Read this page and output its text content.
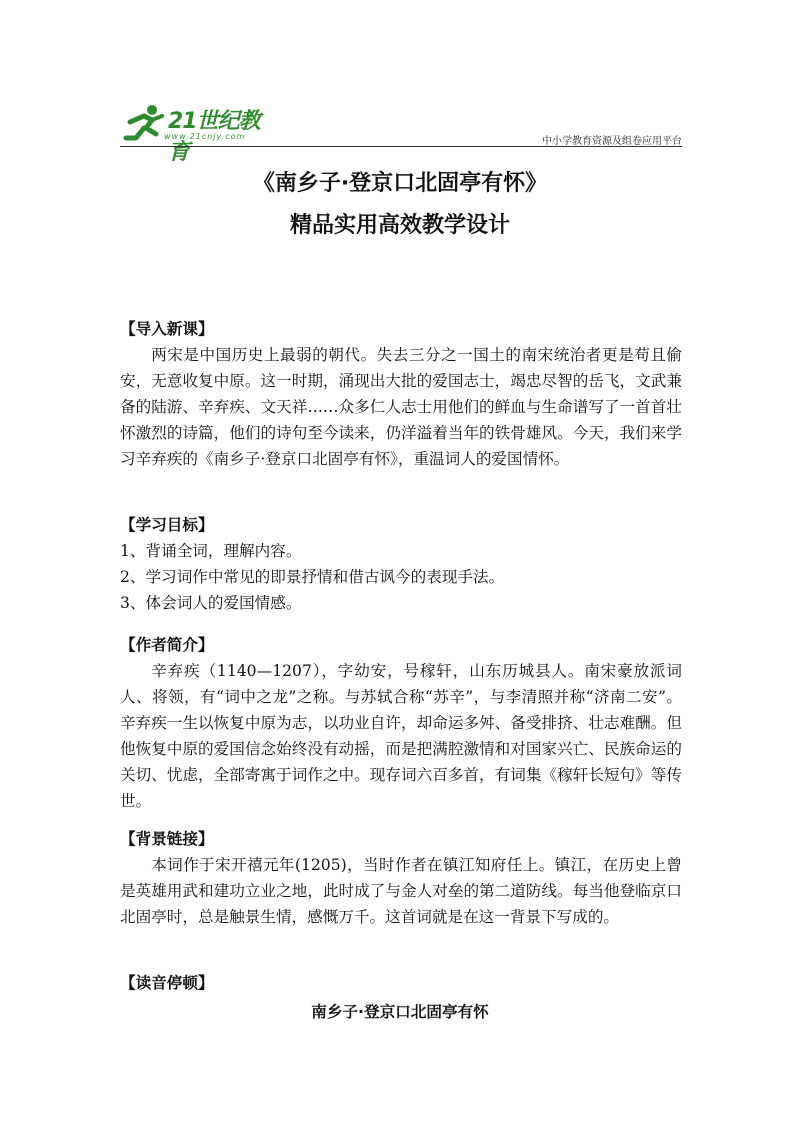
21世纪教育
www.21cnjy.com	中小学教育资源及组卷应用平台
《南乡子·登京口北固亭有怀》
精品实用高效教学设计
【导入新课】

两宋是中国历史上最弱的朝代。失去三分之一国土的南宋统治者更是苟且偷安，无意收复中原。这一时期，涌现出大批的爱国志士，竭忠尽智的岳飞，文武兼备的陆游、辛弃疾、文天祥……众多仁人志士用他们的鲜血与生命谱写了一首首壮怀激烈的诗篇，他们的诗句至今读来，仍洋溢着当年的铁骨雄风。今天，我们来学习辛弃疾的《南乡子·登京口北固亭有怀》，重温词人的爱国情怀。

【学习目标】

1、背诵全词，理解内容。

2、学习词作中常见的即景抒情和借古讽今的表现手法。

3、体会词人的爱国情感。

【作者简介】

辛弃疾（1140—1207），字幼安，号稼轩，山东历城县人。南宋豪放派词人、将领，有“词中之龙”之称。与苏轼合称“苏辛”，与李清照并称“济南二安”。辛弃疾一生以恢复中原为志，以功业自许，却命运多舛、备受排挤、壮志难酬。但他恢复中原的爱国信念始终没有动摇，而是把满腔激情和对国家兴亡、民族命运的关切、忧虑，全部寄寓于词作之中。现存词六百多首，有词集《稼轩长短句》等传世。

【背景链接】

本词作于宋开禧元年(1205)，当时作者在镇江知府任上。镇江，在历史上曾是英雄用武和建功立业之地，此时成了与金人对垒的第二道防线。每当他登临京口北固亭时，总是触景生情，感慨万千。这首词就是在这一背景下写成的。

【读音停顿】
南乡子·登京口北固亭有怀
